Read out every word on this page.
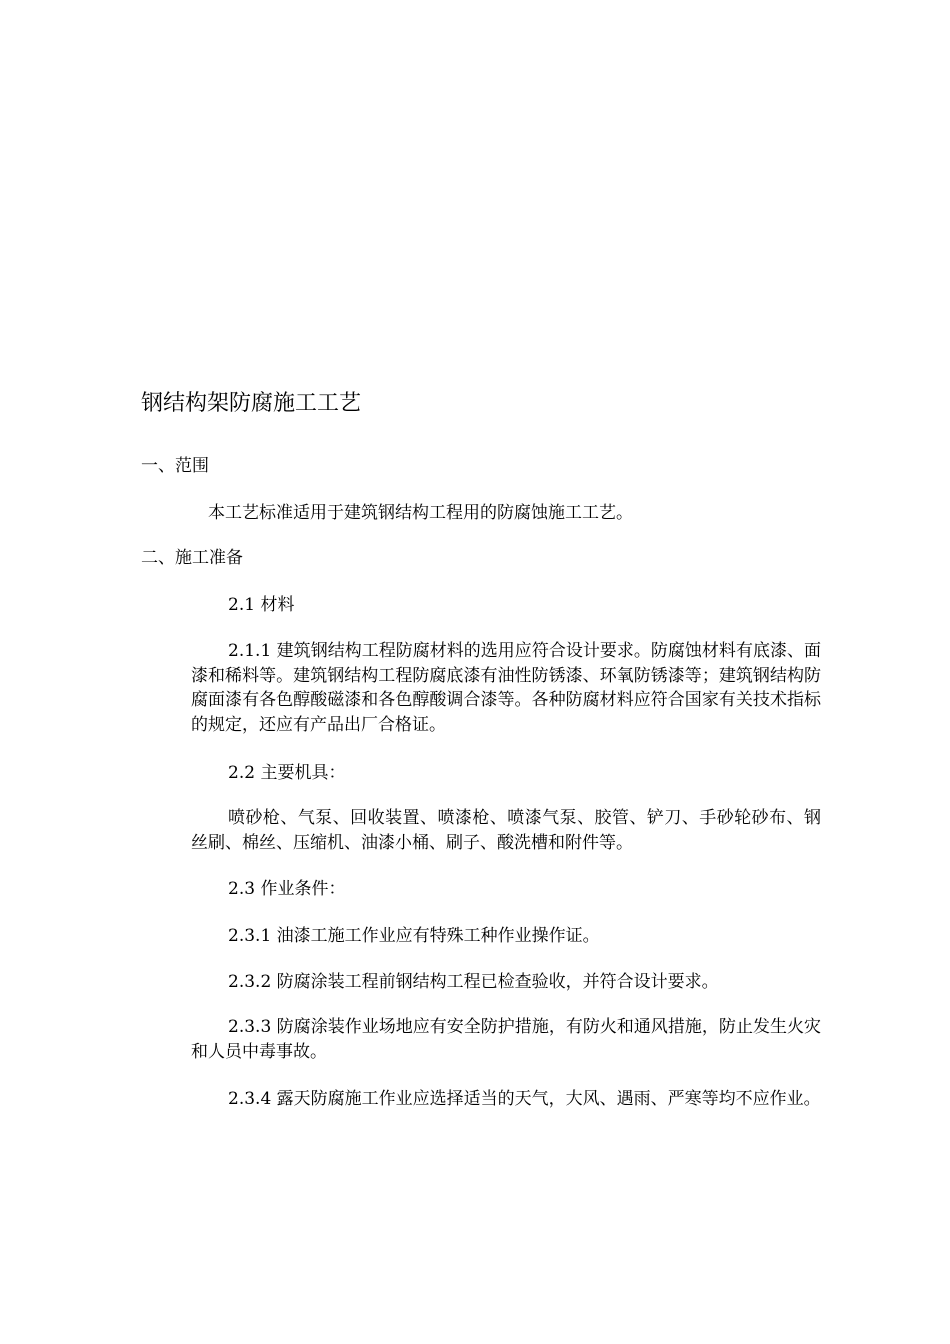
钢结构架防腐施工工艺

一、范围

本工艺标准适用于建筑钢结构工程用的防腐蚀施工工艺。

二、施工准备

2.1 材料

2.1.1 建筑钢结构工程防腐材料的选用应符合设计要求。防腐蚀材料有底漆、面漆和稀料等。建筑钢结构工程防腐底漆有油性防锈漆、环氧防锈漆等；建筑钢结构防腐面漆有各色醇酸磁漆和各色醇酸调合漆等。各种防腐材料应符合国家有关技术指标的规定，还应有产品出厂合格证。

2.2 主要机具：

喷砂枪、气泵、回收装置、喷漆枪、喷漆气泵、胶管、铲刀、手砂轮砂布、钢丝刷、棉丝、压缩机、油漆小桶、刷子、酸洗槽和附件等。

2.3 作业条件：

2.3.1 油漆工施工作业应有特殊工种作业操作证。

2.3.2 防腐涂装工程前钢结构工程已检查验收，并符合设计要求。

2.3.3 防腐涂装作业场地应有安全防护措施，有防火和通风措施，防止发生火灾和人员中毒事故。

2.3.4 露天防腐施工作业应选择适当的天气，大风、遇雨、严寒等均不应作业。
